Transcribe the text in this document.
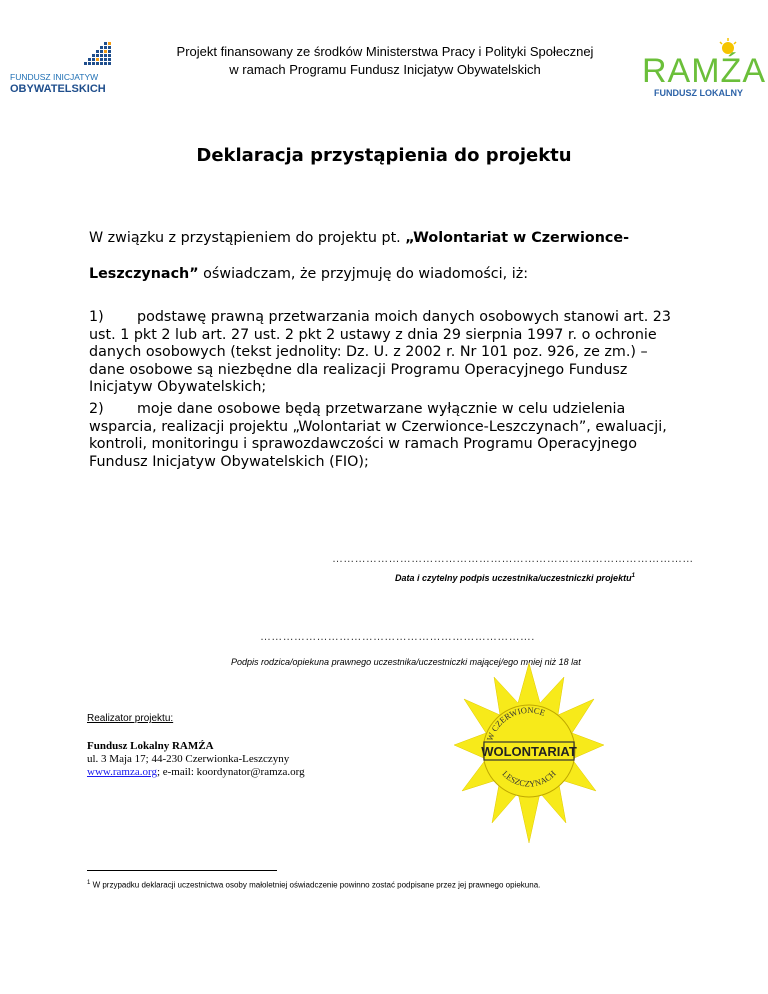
FUNDUSZ INICJATYW
OBYWATELSKICH
Projekt finansowany ze środków Ministerstwa Pracy i Polityki Społecznej
w ramach Programu Fundusz Inicjatyw Obywatelskich	RAMŹA
FUNDUSZ LOKALNY
Deklaracja przystąpienia do projektu
W związku z przystąpieniem do projektu pt. „Wolontariat w Czerwionce-
Leszczynach” oświadczam, że przyjmuję do wiadomości, iż:
1) podstawę prawną przetwarzania moich danych osobowych stanowi art. 23 ust. 1 pkt 2 lub art. 27 ust. 2 pkt 2 ustawy z dnia 29 sierpnia 1997 r. o ochronie danych osobowych (tekst jednolity: Dz. U. z 2002 r. Nr 101 poz. 926, ze zm.) – dane osobowe są niezbędne dla realizacji Programu Operacyjnego Fundusz Inicjatyw Obywatelskich;
2) moje dane osobowe będą przetwarzane wyłącznie w celu udzielenia wsparcia, realizacji projektu „Wolontariat w Czerwionce-Leszczynach”, ewaluacji, kontroli, monitoringu i sprawozdawczości w ramach Programu Operacyjnego Fundusz Inicjatyw Obywatelskich (FIO);
……………………………………………………………………………………
Data i czytelny podpis uczestnika/uczestniczki projektu$^1$
……………………………………………………………….
Podpis rodzica/opiekuna prawnego uczestnika/uczestniczki mającej/ego mniej niż 18 lat
Realizator projektu:
Fundusz Lokalny RAMŹA
ul. 3 Maja 17; 44-230 Czerwionka-Leszczyny
www.ramza.org; e-mail: koordynator@ramza.org
W CZERWIONCE
WOLONTARIAT
LESZCZYNACH
$^1$ W przypadku deklaracji uczestnictwa osoby małoletniej oświadczenie powinno zostać podpisane przez jej prawnego opiekuna.
